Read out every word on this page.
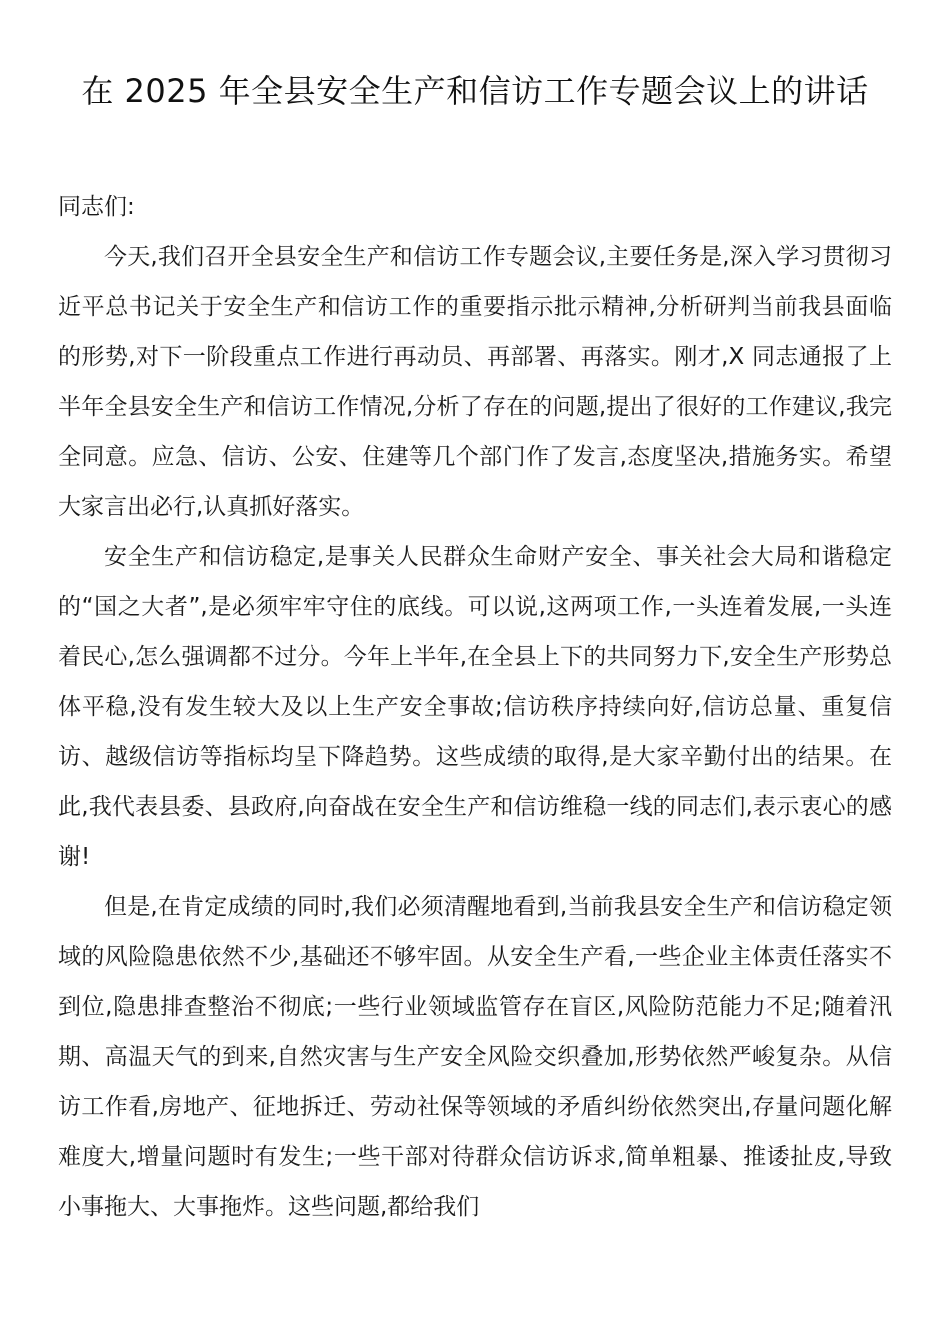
在 2025 年全县安全生产和信访工作专题会议上的讲话

同志们:

今天,我们召开全县安全生产和信访工作专题会议,主要任务是,深入学习贯彻习近平总书记关于安全生产和信访工作的重要指示批示精神,分析研判当前我县面临的形势,对下一阶段重点工作进行再动员、再部署、再落实。刚才,X 同志通报了上半年全县安全生产和信访工作情况,分析了存在的问题,提出了很好的工作建议,我完全同意。应急、信访、公安、住建等几个部门作了发言,态度坚决,措施务实。希望大家言出必行,认真抓好落实。

安全生产和信访稳定,是事关人民群众生命财产安全、事关社会大局和谐稳定的“国之大者”,是必须牢牢守住的底线。可以说,这两项工作,一头连着发展,一头连着民心,怎么强调都不过分。今年上半年,在全县上下的共同努力下,安全生产形势总体平稳,没有发生较大及以上生产安全事故;信访秩序持续向好,信访总量、重复信访、越级信访等指标均呈下降趋势。这些成绩的取得,是大家辛勤付出的结果。在此,我代表县委、县政府,向奋战在安全生产和信访维稳一线的同志们,表示衷心的感谢!

但是,在肯定成绩的同时,我们必须清醒地看到,当前我县安全生产和信访稳定领域的风险隐患依然不少,基础还不够牢固。从安全生产看,一些企业主体责任落实不到位,隐患排查整治不彻底;一些行业领域监管存在盲区,风险防范能力不足;随着汛期、高温天气的到来,自然灾害与生产安全风险交织叠加,形势依然严峻复杂。从信访工作看,房地产、征地拆迁、劳动社保等领域的矛盾纠纷依然突出,存量问题化解难度大,增量问题时有发生;一些干部对待群众信访诉求,简单粗暴、推诿扯皮,导致小事拖大、大事拖炸。这些问题,都给我们
